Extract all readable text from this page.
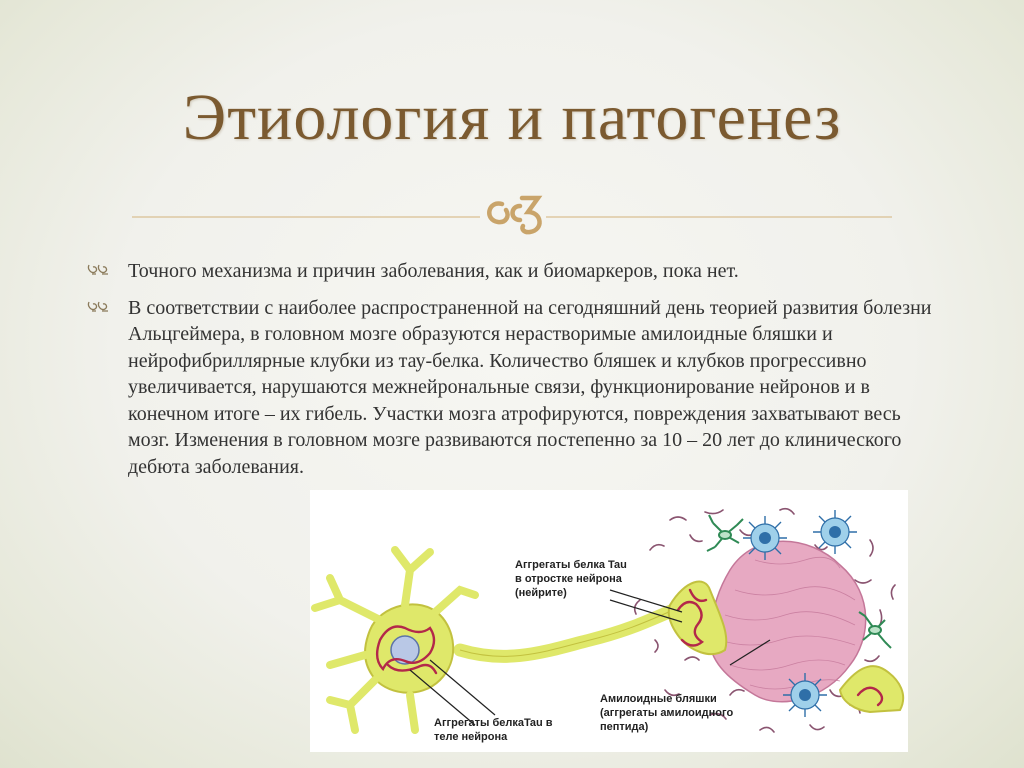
Этиология и патогенез
Точного механизма и причин заболевания, как и биомаркеров, пока нет.
В соответствии с наиболее распространенной на сегодняшний день теорией развития болезни Альцгеймера, в головном мозге образуются нерастворимые амилоидные бляшки и нейрофибриллярные клубки из тау-белка. Количество бляшек и клубков прогрессивно увеличивается, нарушаются межнейрональные связи, функционирование нейронов и в конечном итоге – их гибель. Участки мозга атрофируются, повреждения захватывают весь мозг. Изменения в головном мозге развиваются постепенно за 10 – 20 лет до клинического дебюта заболевания.
Аггрегаты белка Tau в отростке нейрона (нейрите)
Амилоидные бляшки (аггрегаты амилоидного пептида)
Аггрегаты белкаTau в теле нейрона
